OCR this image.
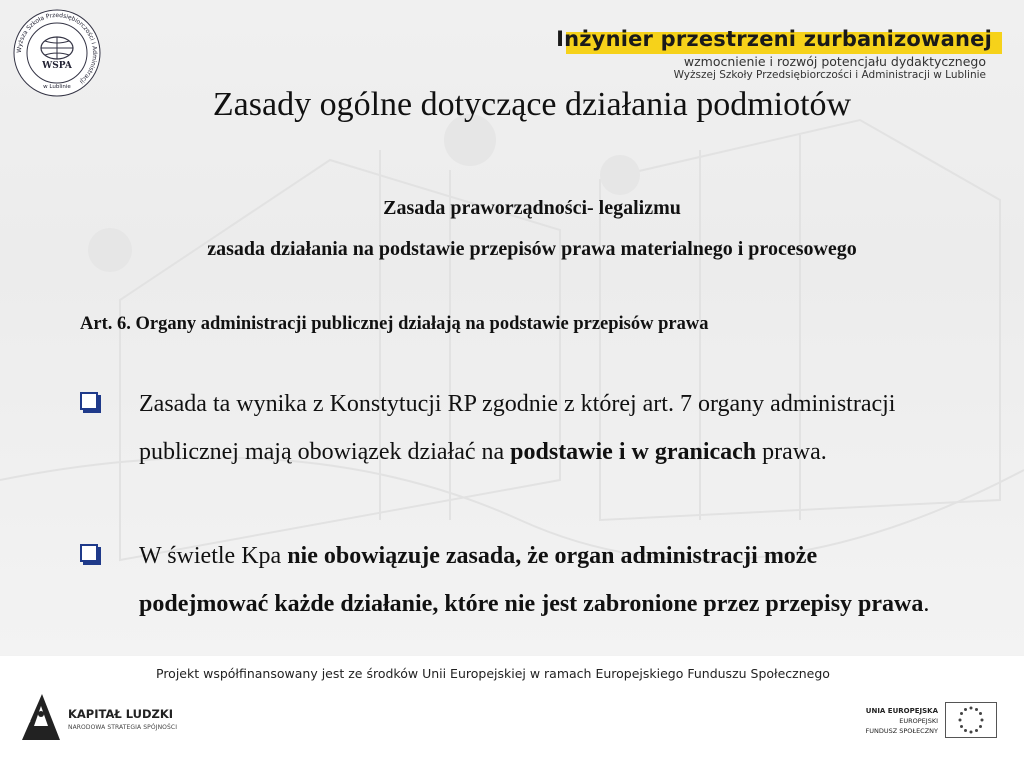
Wyższa Szkoła Przedsiębiorczości i Administracji
WSPA
w Lublinie
Inżynier przestrzeni zurbanizowanej
wzmocnienie i rozwój potencjału dydaktycznego
Wyższej Szkoły Przedsiębiorczości i Administracji w Lublinie
Zasady ogólne dotyczące działania podmiotów
Zasada praworządności- legalizmu
zasada działania na podstawie przepisów prawa materialnego i procesowego
Art. 6. Organy administracji publicznej działają na podstawie przepisów prawa
Zasada ta wynika z Konstytucji RP zgodnie z której art. 7 organy administracji publicznej mają obowiązek działać na podstawie i w granicach prawa.
W świetle Kpa nie obowiązuje zasada, że organ administracji może podejmować każde działanie, które nie jest zabronione przez przepisy prawa.
Projekt współfinansowany jest ze środków Unii Europejskiej w ramach Europejskiego Funduszu Społecznego
KAPITAŁ LUDZKI
NARODOWA STRATEGIA SPÓJNOŚCI
UNIA EUROPEJSKA
EUROPEJSKI
FUNDUSZ SPOŁECZNY
